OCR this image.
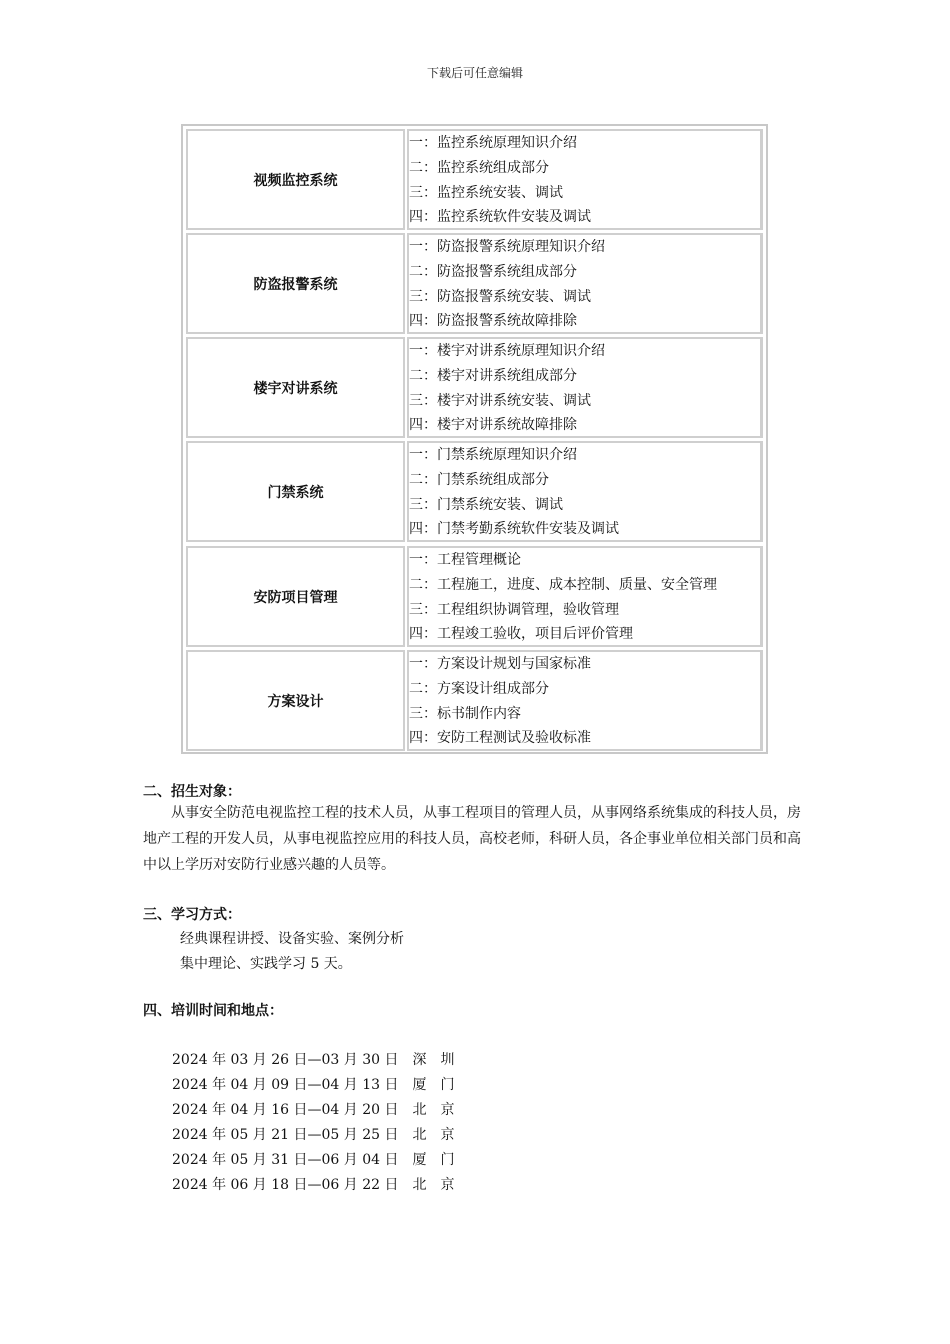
下载后可任意编辑
视频监控系统
一：监控系统原理知识介绍
二：监控系统组成部分
三：监控系统安装、调试
四：监控系统软件安装及调试
防盗报警系统
一：防盗报警系统原理知识介绍
二：防盗报警系统组成部分
三：防盗报警系统安装、调试
四：防盗报警系统故障排除
楼宇对讲系统
一：楼宇对讲系统原理知识介绍
二：楼宇对讲系统组成部分
三：楼宇对讲系统安装、调试
四：楼宇对讲系统故障排除
门禁系统
一：门禁系统原理知识介绍
二：门禁系统组成部分
三：门禁系统安装、调试
四：门禁考勤系统软件安装及调试
安防项目管理
一：工程管理概论
二：工程施工，进度、成本控制、质量、安全管理
三：工程组织协调管理，验收管理
四：工程竣工验收，项目后评价管理
方案设计
一：方案设计规划与国家标准
二：方案设计组成部分
三：标书制作内容
四：安防工程测试及验收标准
二、招生对象：
从事安全防范电视监控工程的技术人员，从事工程项目的管理人员，从事网络系统集成的科技人员，房地产工程的开发人员，从事电视监控应用的科技人员，高校老师，科研人员，各企事业单位相关部门员和高中以上学历对安防行业感兴趣的人员等。
三、学习方式：
经典课程讲授、设备实验、案例分析
集中理论、实践学习 5 天。
四、培训时间和地点：
2024 年 03 月 26 日—03 月 30 日 深圳
2024 年 04 月 09 日—04 月 13 日 厦门
2024 年 04 月 16 日—04 月 20 日 北京
2024 年 05 月 21 日—05 月 25 日 北京
2024 年 05 月 31 日—06 月 04 日 厦门
2024 年 06 月 18 日—06 月 22 日 北京
